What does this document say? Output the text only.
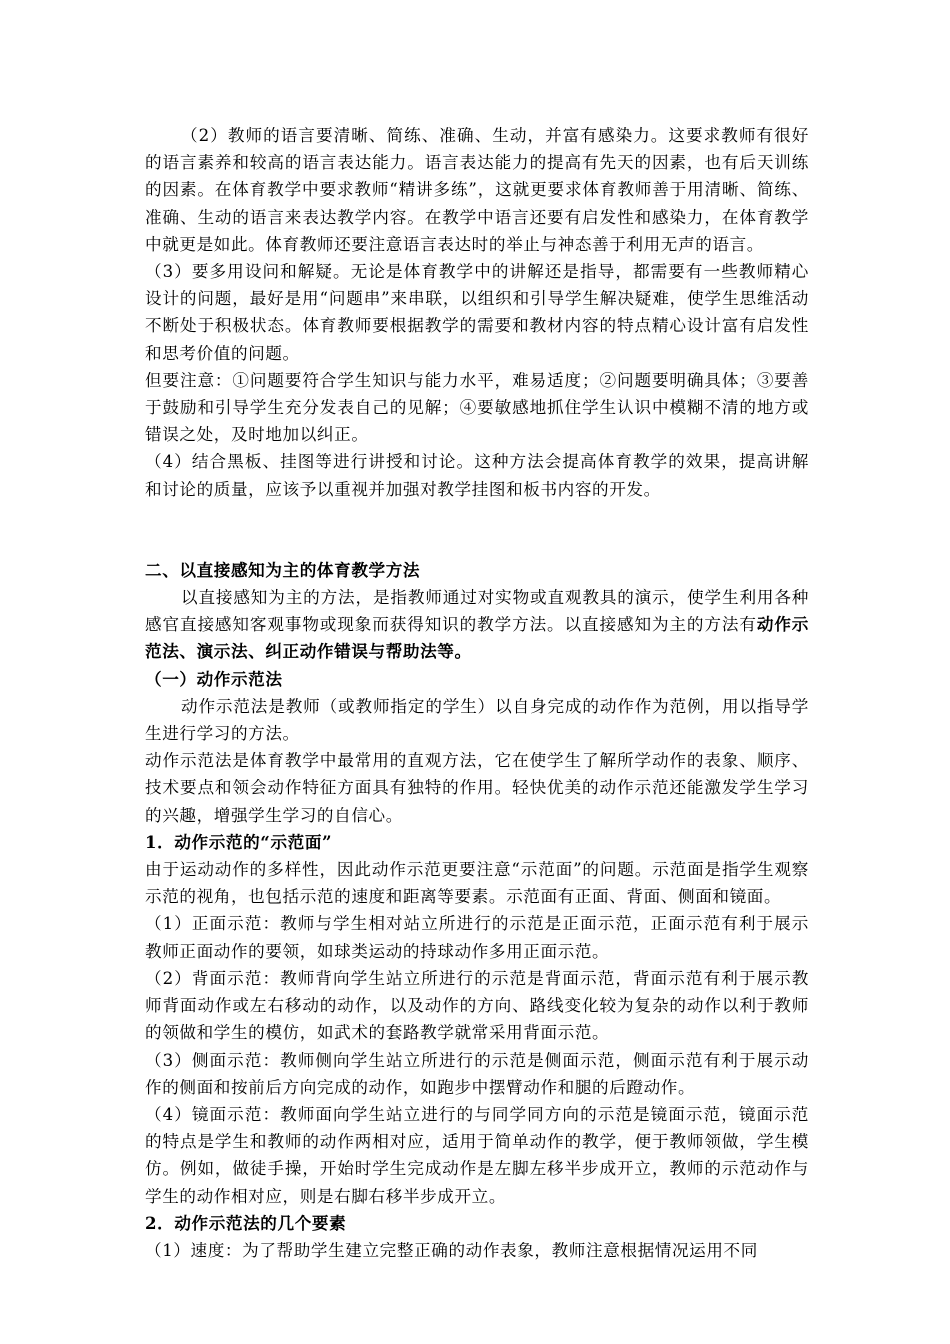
（2）教师的语言要清晰、简练、准确、生动，并富有感染力。这要求教师有很好的语言素养和较高的语言表达能力。语言表达能力的提高有先天的因素，也有后天训练的因素。在体育教学中要求教师“精讲多练”，这就更要求体育教师善于用清晰、简练、准确、生动的语言来表达教学内容。在教学中语言还要有启发性和感染力，在体育教学中就更是如此。体育教师还要注意语言表达时的举止与神态善于利用无声的语言。

（3）要多用设问和解疑。无论是体育教学中的讲解还是指导，都需要有一些教师精心设计的问题，最好是用“问题串”来串联，以组织和引导学生解决疑难，使学生思维活动不断处于积极状态。体育教师要根据教学的需要和教材内容的特点精心设计富有启发性和思考价值的问题。

但要注意：①问题要符合学生知识与能力水平，难易适度；②问题要明确具体；③要善于鼓励和引导学生充分发表自己的见解；④要敏感地抓住学生认识中模糊不清的地方或错误之处，及时地加以纠正。

（4）结合黑板、挂图等进行讲授和讨论。这种方法会提高体育教学的效果，提高讲解和讨论的质量，应该予以重视并加强对教学挂图和板书内容的开发。

二、以直接感知为主的体育教学方法

以直接感知为主的方法，是指教师通过对实物或直观教具的演示，使学生利用各种感官直接感知客观事物或现象而获得知识的教学方法。以直接感知为主的方法有动作示范法、演示法、纠正动作错误与帮助法等。

（一）动作示范法

动作示范法是教师（或教师指定的学生）以自身完成的动作作为范例，用以指导学生进行学习的方法。

动作示范法是体育教学中最常用的直观方法，它在使学生了解所学动作的表象、顺序、技术要点和领会动作特征方面具有独特的作用。轻快优美的动作示范还能激发学生学习的兴趣，增强学生学习的自信心。

1．动作示范的“示范面”

由于运动动作的多样性，因此动作示范更要注意“示范面”的问题。示范面是指学生观察示范的视角，也包括示范的速度和距离等要素。示范面有正面、背面、侧面和镜面。

（1）正面示范：教师与学生相对站立所进行的示范是正面示范，正面示范有利于展示教师正面动作的要领，如球类运动的持球动作多用正面示范。

（2）背面示范：教师背向学生站立所进行的示范是背面示范，背面示范有利于展示教师背面动作或左右移动的动作，以及动作的方向、路线变化较为复杂的动作以利于教师的领做和学生的模仿，如武术的套路教学就常采用背面示范。

（3）侧面示范：教师侧向学生站立所进行的示范是侧面示范，侧面示范有利于展示动作的侧面和按前后方向完成的动作，如跑步中摆臂动作和腿的后蹬动作。

（4）镜面示范：教师面向学生站立进行的与同学同方向的示范是镜面示范，镜面示范的特点是学生和教师的动作两相对应，适用于简单动作的教学，便于教师领做，学生模仿。例如，做徒手操，开始时学生完成动作是左脚左移半步成开立，教师的示范动作与学生的动作相对应，则是右脚右移半步成开立。

2．动作示范法的几个要素

（1）速度：为了帮助学生建立完整正确的动作表象，教师注意根据情况运用不同
